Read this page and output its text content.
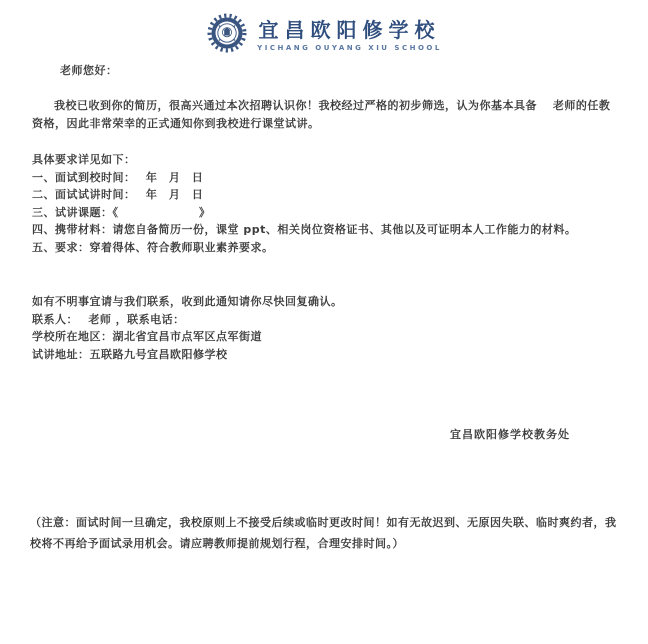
宜昌欧阳修学校
YICHANG OUYANG XIU SCHOOL
老师您好：
我校已收到你的简历，很高兴通过本次招聘认识你！我校经过严格的初步筛选，认为你基本具备　 老师的任教资格，因此非常荣幸的正式通知你到我校进行课堂试讲。
具体要求详见如下：
一、面试到校时间：　 年　月　日
二、面试试讲时间：　 年　月　日
三、试讲课题：《　　　　　　　》
四、携带材料：请您自备简历一份，课堂 ppt、相关岗位资格证书、其他以及可证明本人工作能力的材料。
五、要求：穿着得体、符合教师职业素养要求。
如有不明事宜请与我们联系，收到此通知请你尽快回复确认。
联系人：　 老师 ，联系电话：
学校所在地区：湖北省宜昌市点军区点军街道
试讲地址：五联路九号宜昌欧阳修学校
宜昌欧阳修学校教务处
（注意：面试时间一旦确定，我校原则上不接受后续或临时更改时间！如有无故迟到、无原因失联、临时爽约者，我校将不再给予面试录用机会。请应聘教师提前规划行程，合理安排时间。）
